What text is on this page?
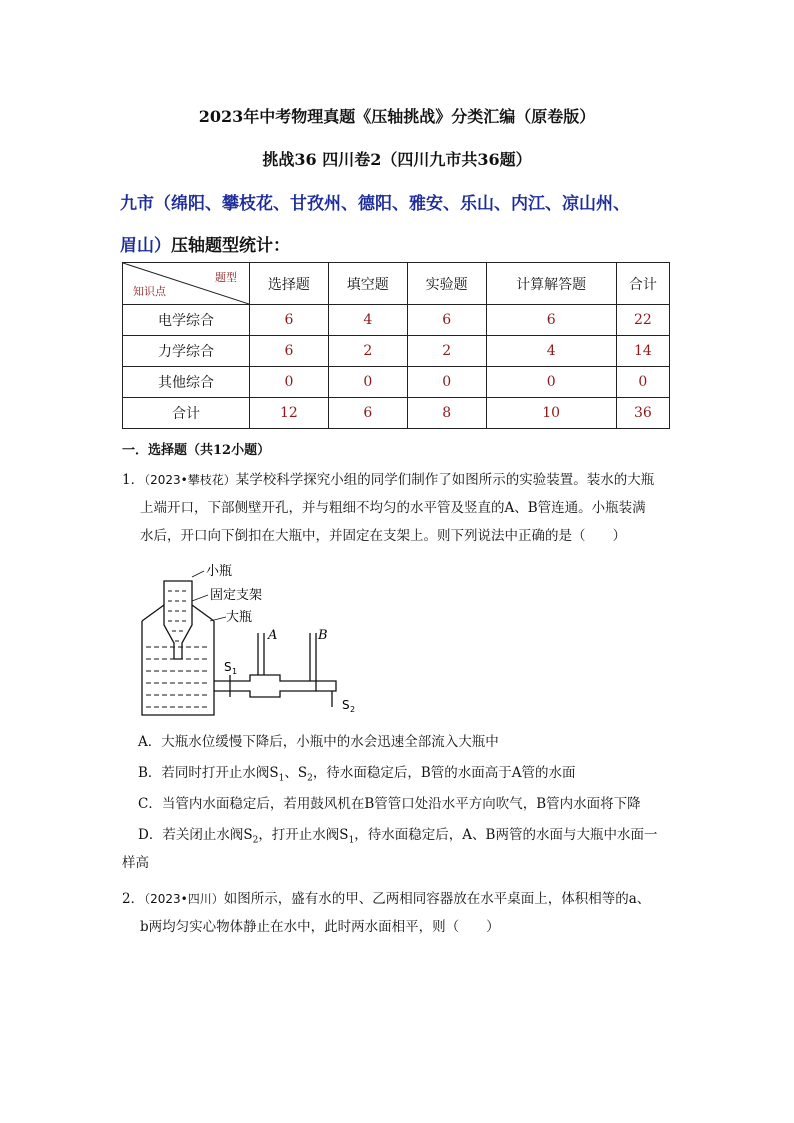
2023年中考物理真题《压轴挑战》分类汇编（原卷版）
挑战36 四川卷2（四川九市共36题）
九市（绵阳、攀枝花、甘孜州、德阳、雅安、乐山、内江、凉山州、
眉山）压轴题型统计：
题型
知识点	选择题	填空题	实验题	计算解答题	合计
电学综合	6	4	6	6	22
力学综合	6	2	2	4	14
其他综合	0	0	0	0	0
合计	12	6	8	10	36
一．选择题（共12小题）
1．（2023•攀枝花）某学校科学探究小组的同学们制作了如图所示的实验装置。装水的大瓶
上端开口，下部侧壁开孔，并与粗细不均匀的水平管及竖直的A、B管连通。小瓶装满
水后，开口向下倒扣在大瓶中，并固定在支架上。则下列说法中正确的是（　　）
小瓶
固定支架
大瓶
A	B
S 1
S 2
A．大瓶水位缓慢下降后，小瓶中的水会迅速全部流入大瓶中
B．若同时打开止水阀$S_1$、$S_2$，待水面稳定后，B管的水面高于A管的水面
C．当管内水面稳定后，若用鼓风机在B管管口处沿水平方向吹气，B管内水面将下降
D．若关闭止水阀$S_2$，打开止水阀$S_1$，待水面稳定后，A、B两管的水面与大瓶中水面一
样高
2．（2023•四川）如图所示，盛有水的甲、乙两相同容器放在水平桌面上，体积相等的a、
b两均匀实心物体静止在水中，此时两水面相平，则（　　）
